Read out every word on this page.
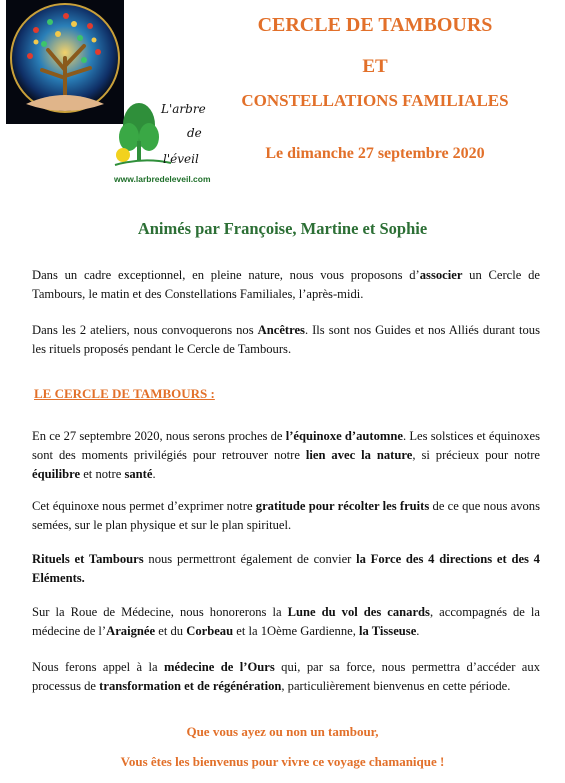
L'arbre
de
l'éveil
www.larbredeleveil.com
CERCLE DE TAMBOURS
ET
CONSTELLATIONS FAMILIALES
Le dimanche 27 septembre 2020
Animés par Françoise, Martine et Sophie

Dans un cadre exceptionnel, en pleine nature, nous vous proposons d’associer un Cercle de Tambours, le matin et des Constellations Familiales, l’après-midi.

Dans les 2 ateliers, nous convoquerons nos Ancêtres. Ils sont nos Guides et nos Alliés durant tous les rituels proposés pendant le Cercle de Tambours.

LE CERCLE DE TAMBOURS :

En ce 27 septembre 2020, nous serons proches de l’équinoxe d’automne. Les solstices et équinoxes sont des moments privilégiés pour retrouver notre lien avec la nature, si précieux pour notre équilibre et notre santé.

Cet équinoxe nous permet d’exprimer notre gratitude pour récolter les fruits de ce que nous avons semées, sur le plan physique et sur le plan spirituel.

Rituels et Tambours nous permettront également de convier la Force des 4 directions et des 4 Eléments.

Sur la Roue de Médecine, nous honorerons la Lune du vol des canards, accompagnés de la médecine de l’Araignée et du Corbeau et la 1Oème Gardienne, la Tisseuse.

Nous ferons appel à la médecine de l’Ours qui, par sa force, nous permettra d’accéder aux processus de transformation et de régénération, particulièrement bienvenus en cette période.

Que vous ayez ou non un tambour,

Vous êtes les bienvenus pour vivre ce voyage chamanique !
